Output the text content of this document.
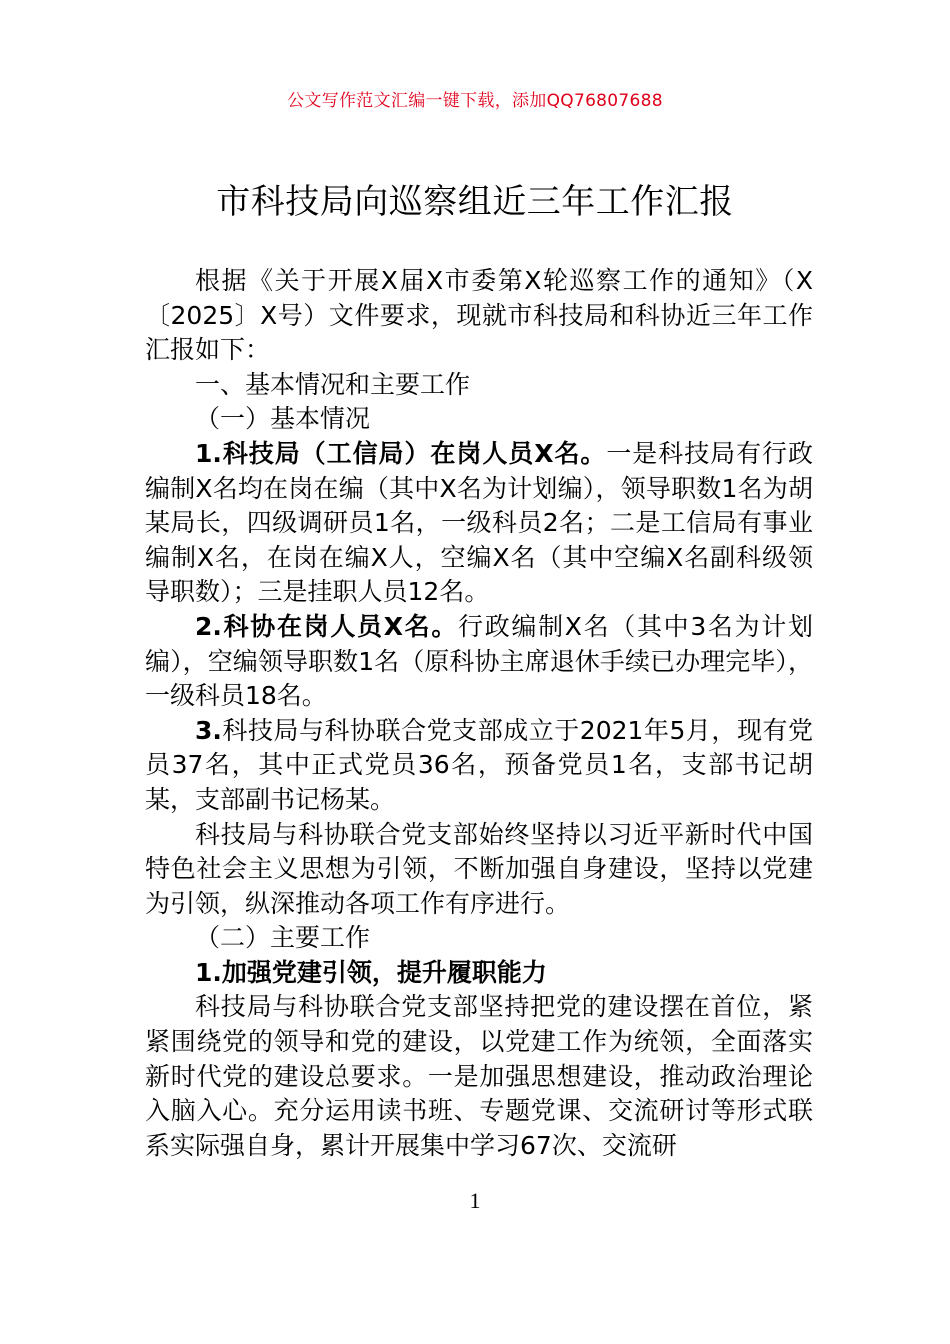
公文写作范文汇编一键下载，添加QQ76807688
市科技局向巡察组近三年工作汇报

根据《关于开展X届X市委第X轮巡察工作的通知》（X〔2025〕X号）文件要求，现就市科技局和科协近三年工作汇报如下：

一、基本情况和主要工作

（一）基本情况

1.科技局（工信局）在岗人员X名。一是科技局有行政编制X名均在岗在编（其中X名为计划编），领导职数1名为胡某局长，四级调研员1名，一级科员2名；二是工信局有事业编制X名，在岗在编X人，空编X名（其中空编X名副科级领导职数）；三是挂职人员12名。

2.科协在岗人员X名。行政编制X名（其中3名为计划编），空编领导职数1名（原科协主席退休手续已办理完毕），一级科员18名。

3.科技局与科协联合党支部成立于2021年5月，现有党员37名，其中正式党员36名，预备党员1名，支部书记胡某，支部副书记杨某。

科技局与科协联合党支部始终坚持以习近平新时代中国特色社会主义思想为引领，不断加强自身建设，坚持以党建为引领，纵深推动各项工作有序进行。

（二）主要工作

1.加强党建引领，提升履职能力

科技局与科协联合党支部坚持把党的建设摆在首位，紧紧围绕党的领导和党的建设，以党建工作为统领，全面落实新时代党的建设总要求。一是加强思想建设，推动政治理论入脑入心。充分运用读书班、专题党课、交流研讨等形式联系实际强自身，累计开展集中学习67次、交流研

1
